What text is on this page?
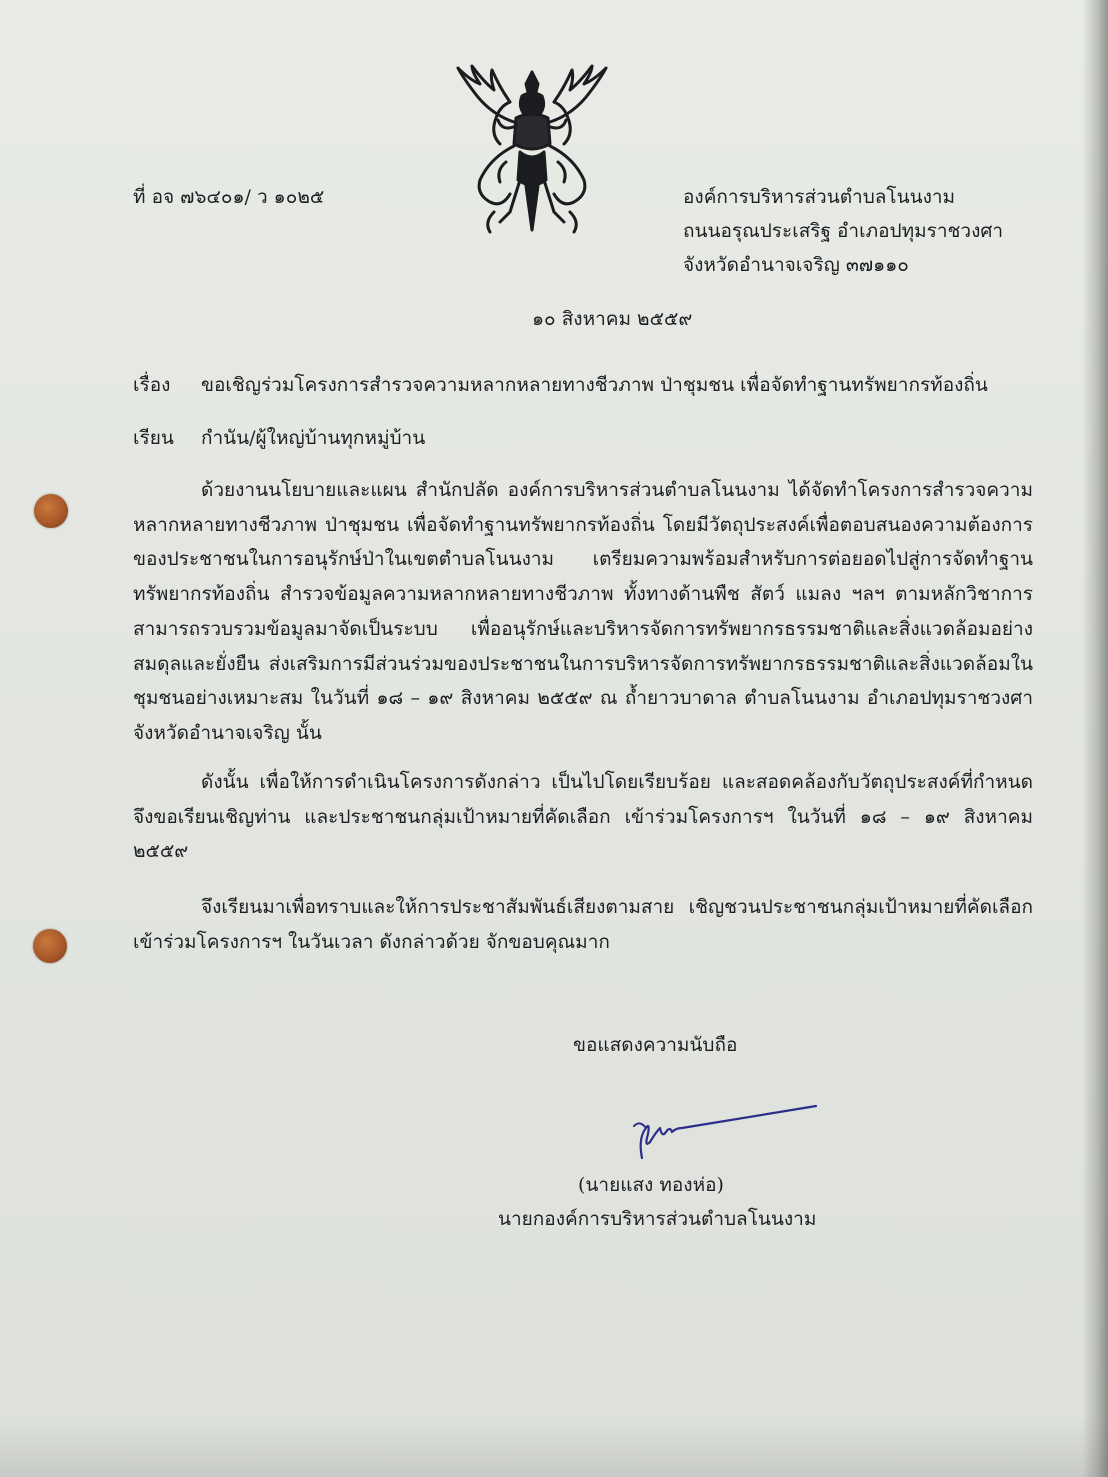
ที่ อจ ๗๖๔๐๑/ ว ๑๐๒๕	องค์การบริหารส่วนตำบลโนนงาม
ถนนอรุณประเสริฐ อำเภอปทุมราชวงศา
จังหวัดอำนาจเจริญ ๓๗๑๑๐
๑๐ สิงหาคม ๒๕๕๙
เรื่อง ขอเชิญร่วมโครงการสำรวจความหลากหลายทางชีวภาพ ป่าชุมชน เพื่อจัดทำฐานทรัพยากรท้องถิ่น
เรียน กำนัน/ผู้ใหญ่บ้านทุกหมู่บ้าน

ด้วยงานนโยบายและแผน สำนักปลัด องค์การบริหารส่วนตำบลโนนงาม ได้จัดทำโครงการสำรวจความหลากหลายทางชีวภาพ ป่าชุมชน เพื่อจัดทำฐานทรัพยากรท้องถิ่น โดยมีวัตถุประสงค์เพื่อตอบสนองความต้องการของประชาชนในการอนุรักษ์ป่าในเขตตำบลโนนงาม เตรียมความพร้อมสำหรับการต่อยอดไปสู่การจัดทำฐานทรัพยากรท้องถิ่น สำรวจข้อมูลความหลากหลายทางชีวภาพ ทั้งทางด้านพืช สัตว์ แมลง ฯลฯ ตามหลักวิชาการสามารถรวบรวมข้อมูลมาจัดเป็นระบบ เพื่ออนุรักษ์และบริหารจัดการทรัพยากรธรรมชาติและสิ่งแวดล้อมอย่างสมดุลและยั่งยืน ส่งเสริมการมีส่วนร่วมของประชาชนในการบริหารจัดการทรัพยากรธรรมชาติและสิ่งแวดล้อมในชุมชนอย่างเหมาะสม ในวันที่ ๑๘ – ๑๙ สิงหาคม ๒๕๕๙ ณ ถ้ำยาวบาดาล ตำบลโนนงาม อำเภอปทุมราชวงศา จังหวัดอำนาจเจริญ นั้น

ดังนั้น เพื่อให้การดำเนินโครงการดังกล่าว เป็นไปโดยเรียบร้อย และสอดคล้องกับวัตถุประสงค์ที่กำหนด จึงขอเรียนเชิญท่าน และประชาชนกลุ่มเป้าหมายที่คัดเลือก เข้าร่วมโครงการฯ ในวันที่ ๑๘ – ๑๙ สิงหาคม ๒๕๕๙

จึงเรียนมาเพื่อทราบและให้การประชาสัมพันธ์เสียงตามสาย เชิญชวนประชาชนกลุ่มเป้าหมายที่คัดเลือก เข้าร่วมโครงการฯ ในวันเวลา ดังกล่าวด้วย จักขอบคุณมาก

ขอแสดงความนับถือ
(นายแสง ทองห่อ)
นายกองค์การบริหารส่วนตำบลโนนงาม
